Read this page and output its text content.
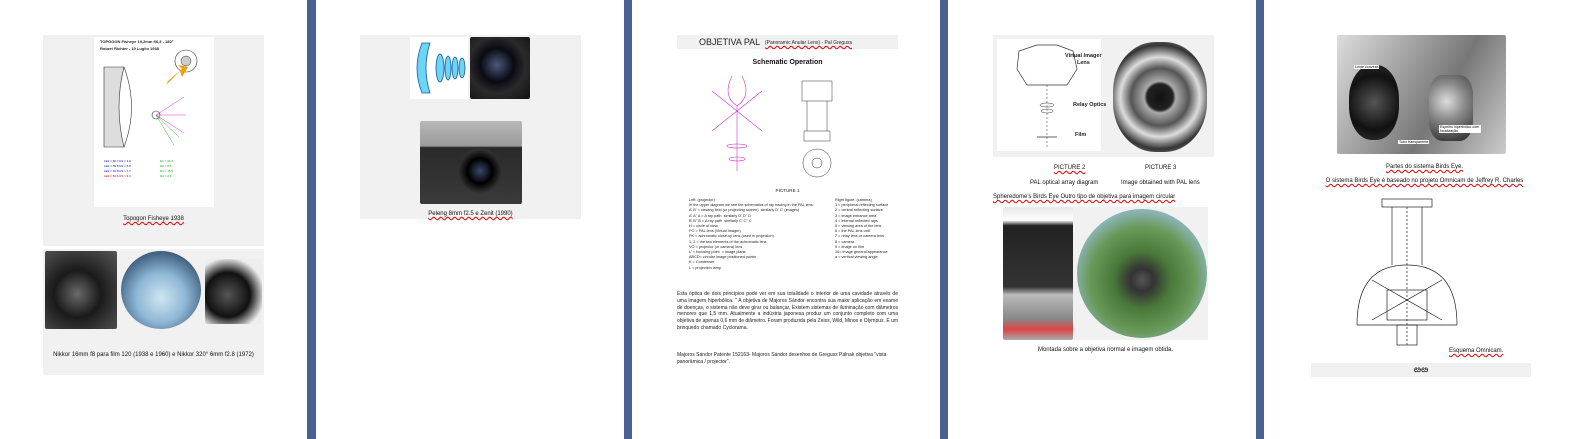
TOPOGON Fisheye 19,2mm f/6,3 - 180°
Robert Richter - 19 Luglio 1938
LE1 = 60.7 R1 = 3.6
LE2 = 59.8 R2 = 5.8
LE3 = 46.8 R3 = 7.7
LE4 = 52.6 R4 = 9.3
D1 = 21.4
D2 = 8.3
D3 = 15.5
D4 = 2.9
Topogon Fisheye 1938
Nikkor 16mm f8 para film 120 (1938 e 1960) e Nikkor 320° 6mm f2.8 (1972)
Peleng 8mm f2.5 e Zenit (1990)
OBJETIVA PAL (Panoramic Anular Lens) - Pal Greguss
Schematic Operation
PICTURE 1
Left: (projector)
In the upper diagram we see the schematics of ray tracing in the PAL lens.
A' B' = viewing field (or projecting screen)  similarly D' C' (images)
A' A'' A = A ray path  similarly D' D'' D
B' B'' B = A ray path  similarly C' C'' C
H = circle of view
PO = PAL lens (Virtual Imager)
PK = achromatic close-up lens (used in projection)
1, 2 = the two elements of the achromatic lens
VO = projector (or camera) lens
L' = focusing point  = image plane
ABCD= circular image positioned points
K = Condenser
L = projection lamp
Right figure: (camera)
1 = peripheral reflecting surface
2 = central reflecting surface
3 = image entrance area
4 = internal reflected rays
5 = viewing area of the lens
6 = the PAL lens unit
7 = relay lens or camera lens
8 = camera
9 = image on film
10= image general appearance
α = vertical viewing angle
Esta óptica de dois princípios pode ver em sua totalidade o interior de uma cavidade através de uma imagem hiperbólica. " A objetiva de Majoros Sándor encontra sua maior aplicação em exame de doenças, o sistema não deve girar ou balançar, Existem sistemas de iluminação com diâmetros menores que 1,5 mm. Atualmente a indústria japonesa produz um conjunto completo com uma objetiva de apenas 0,6 mm de diâmetro. Foram produzida pela Zeiss, Wild, Minox e Olympus. É um brinquedo chamado Cyclorama.
Majoros Sándor Patente 152163- Majoros Sándor desenhos de Greguss Pálnak objetiva "vista panorâmica / projector".
Virtual Imager
Lens
Relay Optics
Film
PICTURE 2	PICTURE 3
PAL optical array diagram	Image obtained with PAL lens
Spheredome's Birds Eye Outro tipo de objetiva para imagem circular
Montada sobre a objetiva normal e imagem obtida.
Lente convexa
Espelho hiperbólico com focalização
Tubo transparente
Partes do sistema Birds Eye.
O sistema Birds Eye é baseado no projeto Omnicam de Jeffrey R. Charles
Esquema Omnicam.
ఴఴ
